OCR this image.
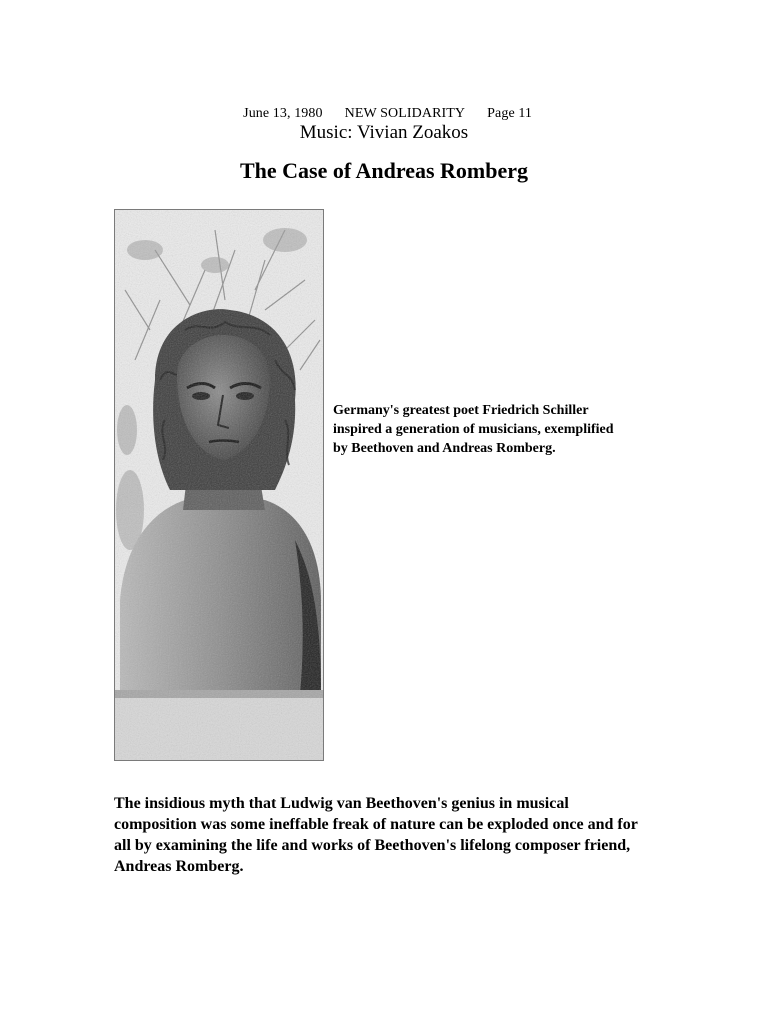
June 13, 1980 NEW SOLIDARITY Page 11

Music: Vivian Zoakos
The Case of Andreas Romberg
Germany's greatest poet Friedrich Schiller inspired a generation of musicians, exemplified by Beethoven and Andreas Romberg.
The insidious myth that Ludwig van Beethoven's genius in musical composition was some ineffable freak of nature can be exploded once and for all by examining the life and works of Beethoven's lifelong composer friend, Andreas Romberg.
